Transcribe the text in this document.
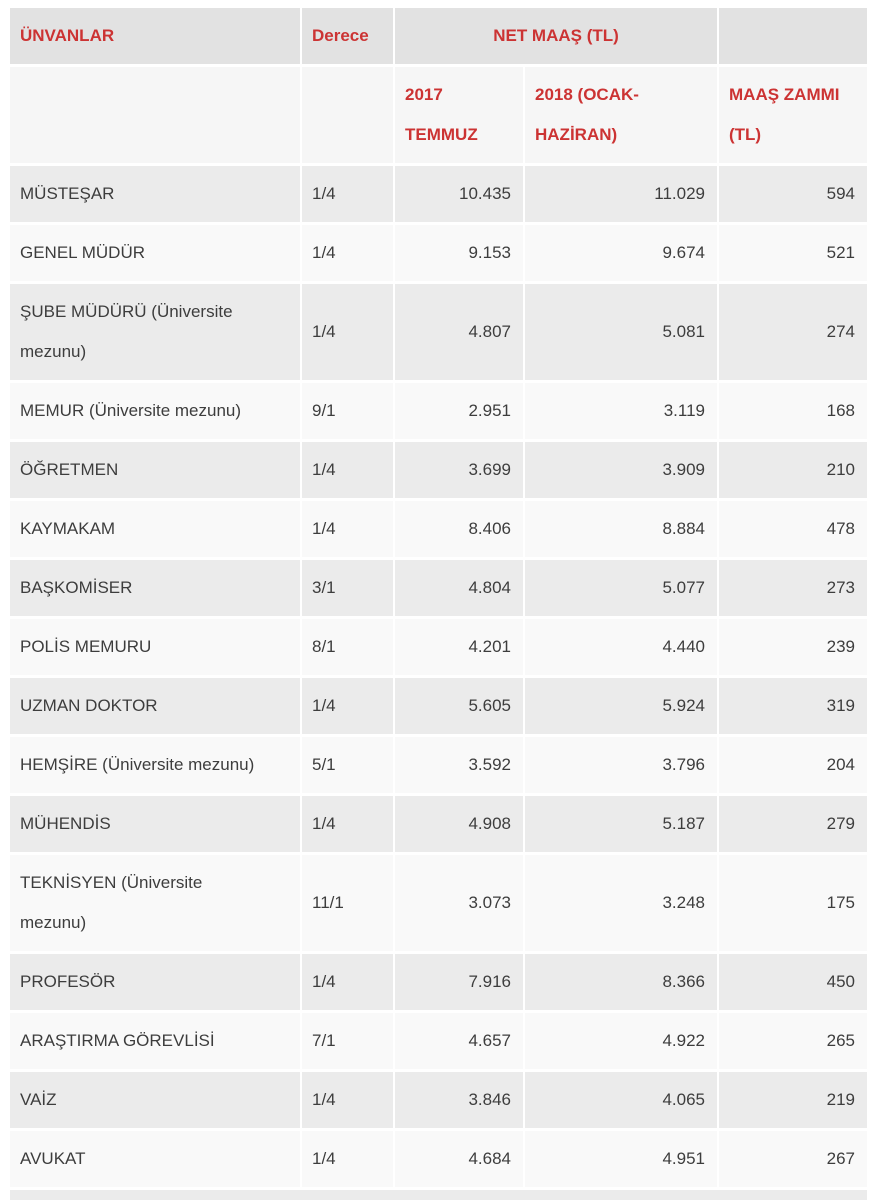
ÜNVANLAR	Derece	NET MAAŞ (TL)		
		2017 TEMMUZ	2018 (OCAK-HAZİRAN)	MAAŞ ZAMMI (TL)
MÜSTEŞAR	1/4	10.435	11.029	594
GENEL MÜDÜR	1/4	9.153	9.674	521
ŞUBE MÜDÜRÜ (Üniversite mezunu)	1/4	4.807	5.081	274
MEMUR (Üniversite mezunu)	9/1	2.951	3.119	168
ÖĞRETMEN	1/4	3.699	3.909	210
KAYMAKAM	1/4	8.406	8.884	478
BAŞKOMİSER	3/1	4.804	5.077	273
POLİS MEMURU	8/1	4.201	4.440	239
UZMAN DOKTOR	1/4	5.605	5.924	319
HEMŞİRE (Üniversite mezunu)	5/1	3.592	3.796	204
MÜHENDİS	1/4	4.908	5.187	279
TEKNİSYEN (Üniversite mezunu)	11/1	3.073	3.248	175
PROFESÖR	1/4	7.916	8.366	450
ARAŞTIRMA GÖREVLİSİ	7/1	4.657	4.922	265
VAİZ	1/4	3.846	4.065	219
AVUKAT	1/4	4.684	4.951	267
